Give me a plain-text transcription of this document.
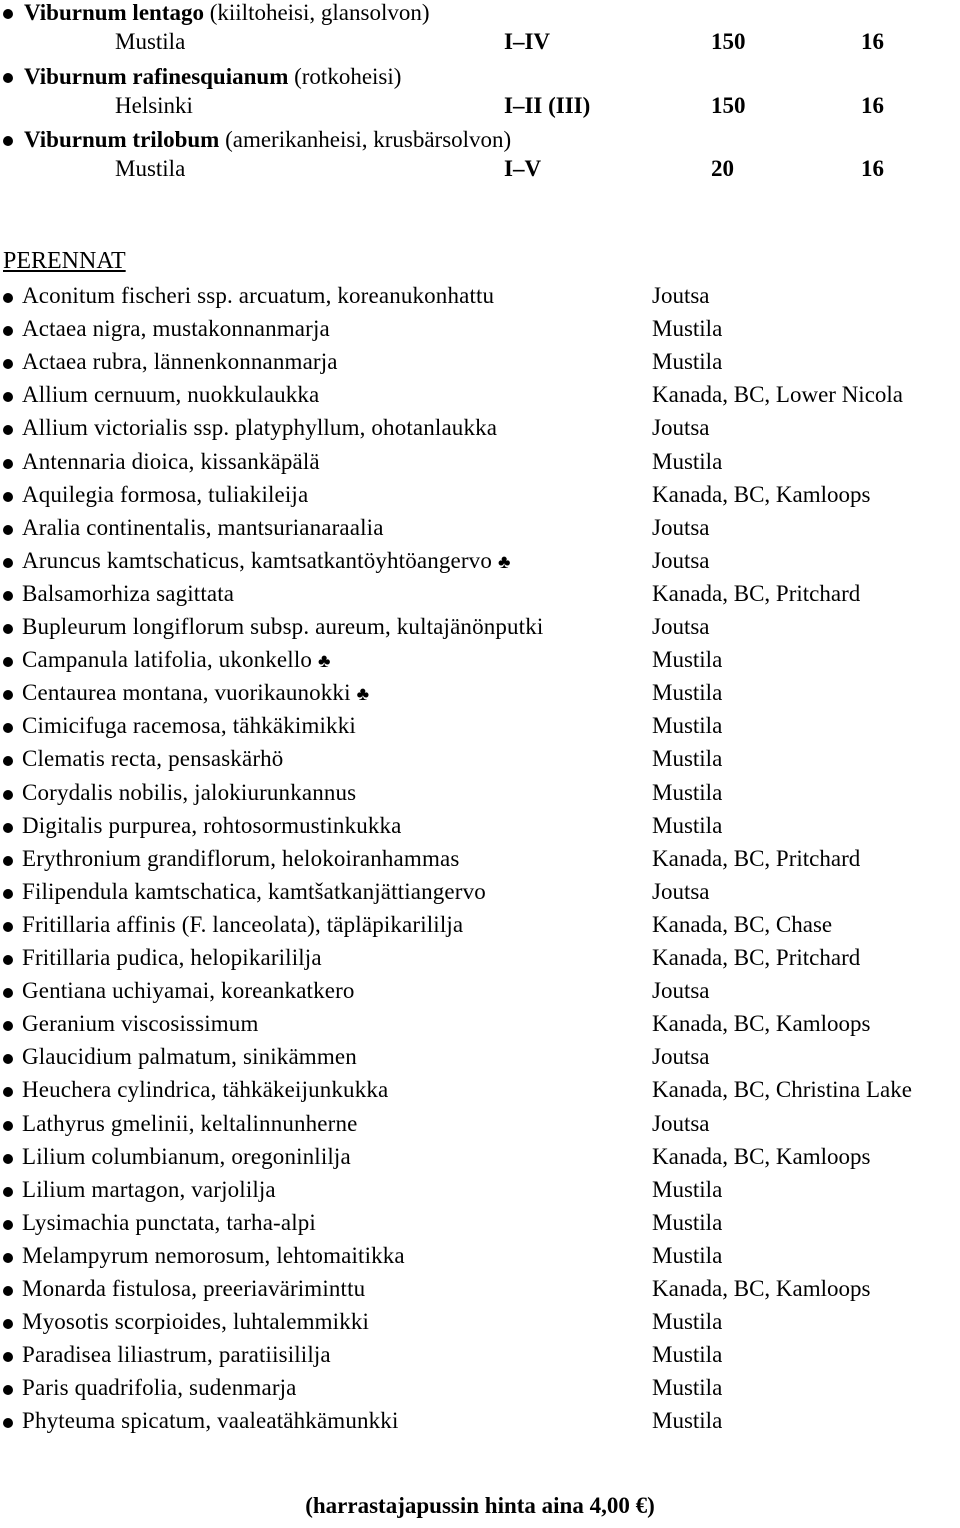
Viburnum lentago (kiiltoheisi, glansolvon)
Mustila	I–IV	150	16
Viburnum rafinesquianum (rotkoheisi)
Helsinki	I–II (III)	150	16
Viburnum trilobum (amerikanheisi, krusbärsolvon)
Mustila	I–V	20	16
PERENNAT
Aconitum fischeri ssp. arcuatum, koreanukonhattu	Joutsa
Actaea nigra, mustakonnanmarja	Mustila
Actaea rubra, lännenkonnanmarja	Mustila
Allium cernuum, nuokkulaukka	Kanada, BC, Lower Nicola
Allium victorialis ssp. platyphyllum, ohotanlaukka	Joutsa
Antennaria dioica, kissankäpälä	Mustila
Aquilegia formosa, tuliakileija	Kanada, BC, Kamloops
Aralia continentalis, mantsurianaraalia	Joutsa
Aruncus kamtschaticus, kamtsatkantöyhtöangervo ♣	Joutsa
Balsamorhiza sagittata	Kanada, BC, Pritchard
Bupleurum longiflorum subsp. aureum, kultajänönputki	Joutsa
Campanula latifolia, ukonkello ♣	Mustila
Centaurea montana, vuorikaunokki ♣	Mustila
Cimicifuga racemosa, tähkäkimikki	Mustila
Clematis recta, pensaskärhö	Mustila
Corydalis nobilis, jalokiurunkannus	Mustila
Digitalis purpurea, rohtosormustinkukka	Mustila
Erythronium grandiflorum, helokoiranhammas	Kanada, BC, Pritchard
Filipendula kamtschatica, kamtšatkanjättiangervo	Joutsa
Fritillaria affinis (F. lanceolata), täpläpikarililja	Kanada, BC, Chase
Fritillaria pudica, helopikarililja	Kanada, BC, Pritchard
Gentiana uchiyamai, koreankatkero	Joutsa
Geranium viscosissimum	Kanada, BC, Kamloops
Glaucidium palmatum, sinikämmen	Joutsa
Heuchera cylindrica, tähkäkeijunkukka	Kanada, BC, Christina Lake
Lathyrus gmelinii, keltalinnunherne	Joutsa
Lilium columbianum, oregoninlilja	Kanada, BC, Kamloops
Lilium martagon, varjolilja	Mustila
Lysimachia punctata, tarha-alpi	Mustila
Melampyrum nemorosum, lehtomaitikka	Mustila
Monarda fistulosa, preeriaväriminttu	Kanada, BC, Kamloops
Myosotis scorpioides, luhtalemmikki	Mustila
Paradisea liliastrum, paratiisililja	Mustila
Paris quadrifolia, sudenmarja	Mustila
Phyteuma spicatum, vaaleatähkämunkki	Mustila
(harrastajapussin hinta aina 4,00 €)
